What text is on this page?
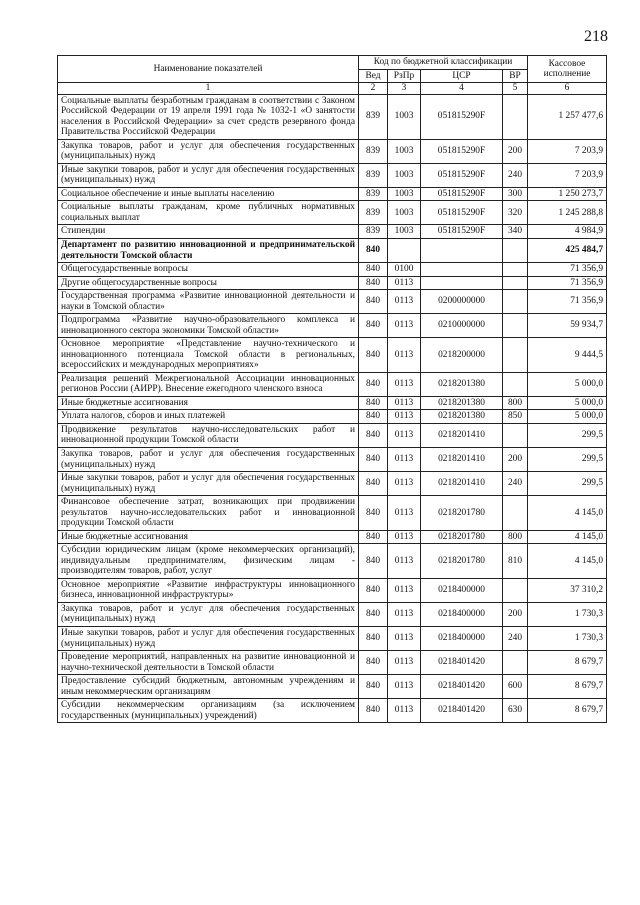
218
Наименование показателей	Код по бюджетной классификации				Кассовое исполнение
	Вед	РзПр	ЦСР	ВР	
1	2	3	4	5	6
Социальные выплаты безработным гражданам в соответствии с Законом Российской Федерации от 19 апреля 1991 года № 1032-1 «О занятости населения в Российской Федерации» за счет средств резервного фонда Правительства Российской Федерации	839	1003	051815290F		1 257 477,6
Закупка товаров, работ и услуг для обеспечения государственных (муниципальных) нужд	839	1003	051815290F	200	7 203,9
Иные закупки товаров, работ и услуг для обеспечения государственных (муниципальных) нужд	839	1003	051815290F	240	7 203,9
Социальное обеспечение и иные выплаты населению	839	1003	051815290F	300	1 250 273,7
Социальные выплаты гражданам, кроме публичных нормативных социальных выплат	839	1003	051815290F	320	1 245 288,8
Стипендии	839	1003	051815290F	340	4 984,9
Департамент по развитию инновационной и предпринимательской деятельности Томской области	840				425 484,7
Общегосударственные вопросы	840	0100			71 356,9
Другие общегосударственные вопросы	840	0113			71 356,9
Государственная программа «Развитие инновационной деятельности и науки в Томской области»	840	0113	0200000000		71 356,9
Подпрограмма «Развитие научно-образовательного комплекса и инновационного сектора экономики Томской области»	840	0113	0210000000		59 934,7
Основное мероприятие «Представление научно-технического и инновационного потенциала Томской области в региональных, всероссийских и международных мероприятиях»	840	0113	0218200000		9 444,5
Реализация решений Межрегиональной Ассоциации инновационных регионов России (АИРР). Внесение ежегодного членского взноса	840	0113	0218201380		5 000,0
Иные бюджетные ассигнования	840	0113	0218201380	800	5 000,0
Уплата налогов, сборов и иных платежей	840	0113	0218201380	850	5 000,0
Продвижение результатов научно-исследовательских работ и инновационной продукции Томской области	840	0113	0218201410		299,5
Закупка товаров, работ и услуг для обеспечения государственных (муниципальных) нужд	840	0113	0218201410	200	299,5
Иные закупки товаров, работ и услуг для обеспечения государственных (муниципальных) нужд	840	0113	0218201410	240	299,5
Финансовое обеспечение затрат, возникающих при продвижении результатов научно-исследовательских работ и инновационной продукции Томской области	840	0113	0218201780		4 145,0
Иные бюджетные ассигнования	840	0113	0218201780	800	4 145,0
Субсидии юридическим лицам (кроме некоммерческих организаций), индивидуальным предпринимателям, физическим лицам - производителям товаров, работ, услуг	840	0113	0218201780	810	4 145,0
Основное мероприятие «Развитие инфраструктуры инновационного бизнеса, инновационной инфраструктуры»	840	0113	0218400000		37 310,2
Закупка товаров, работ и услуг для обеспечения государственных (муниципальных) нужд	840	0113	0218400000	200	1 730,3
Иные закупки товаров, работ и услуг для обеспечения государственных (муниципальных) нужд	840	0113	0218400000	240	1 730,3
Проведение мероприятий, направленных на развитие инновационной и научно-технической деятельности в Томской области	840	0113	0218401420		8 679,7
Предоставление субсидий бюджетным, автономным учреждениям и иным некоммерческим организациям	840	0113	0218401420	600	8 679,7
Субсидии некоммерческим организациям (за исключением государственных (муниципальных) учреждений)	840	0113	0218401420	630	8 679,7
